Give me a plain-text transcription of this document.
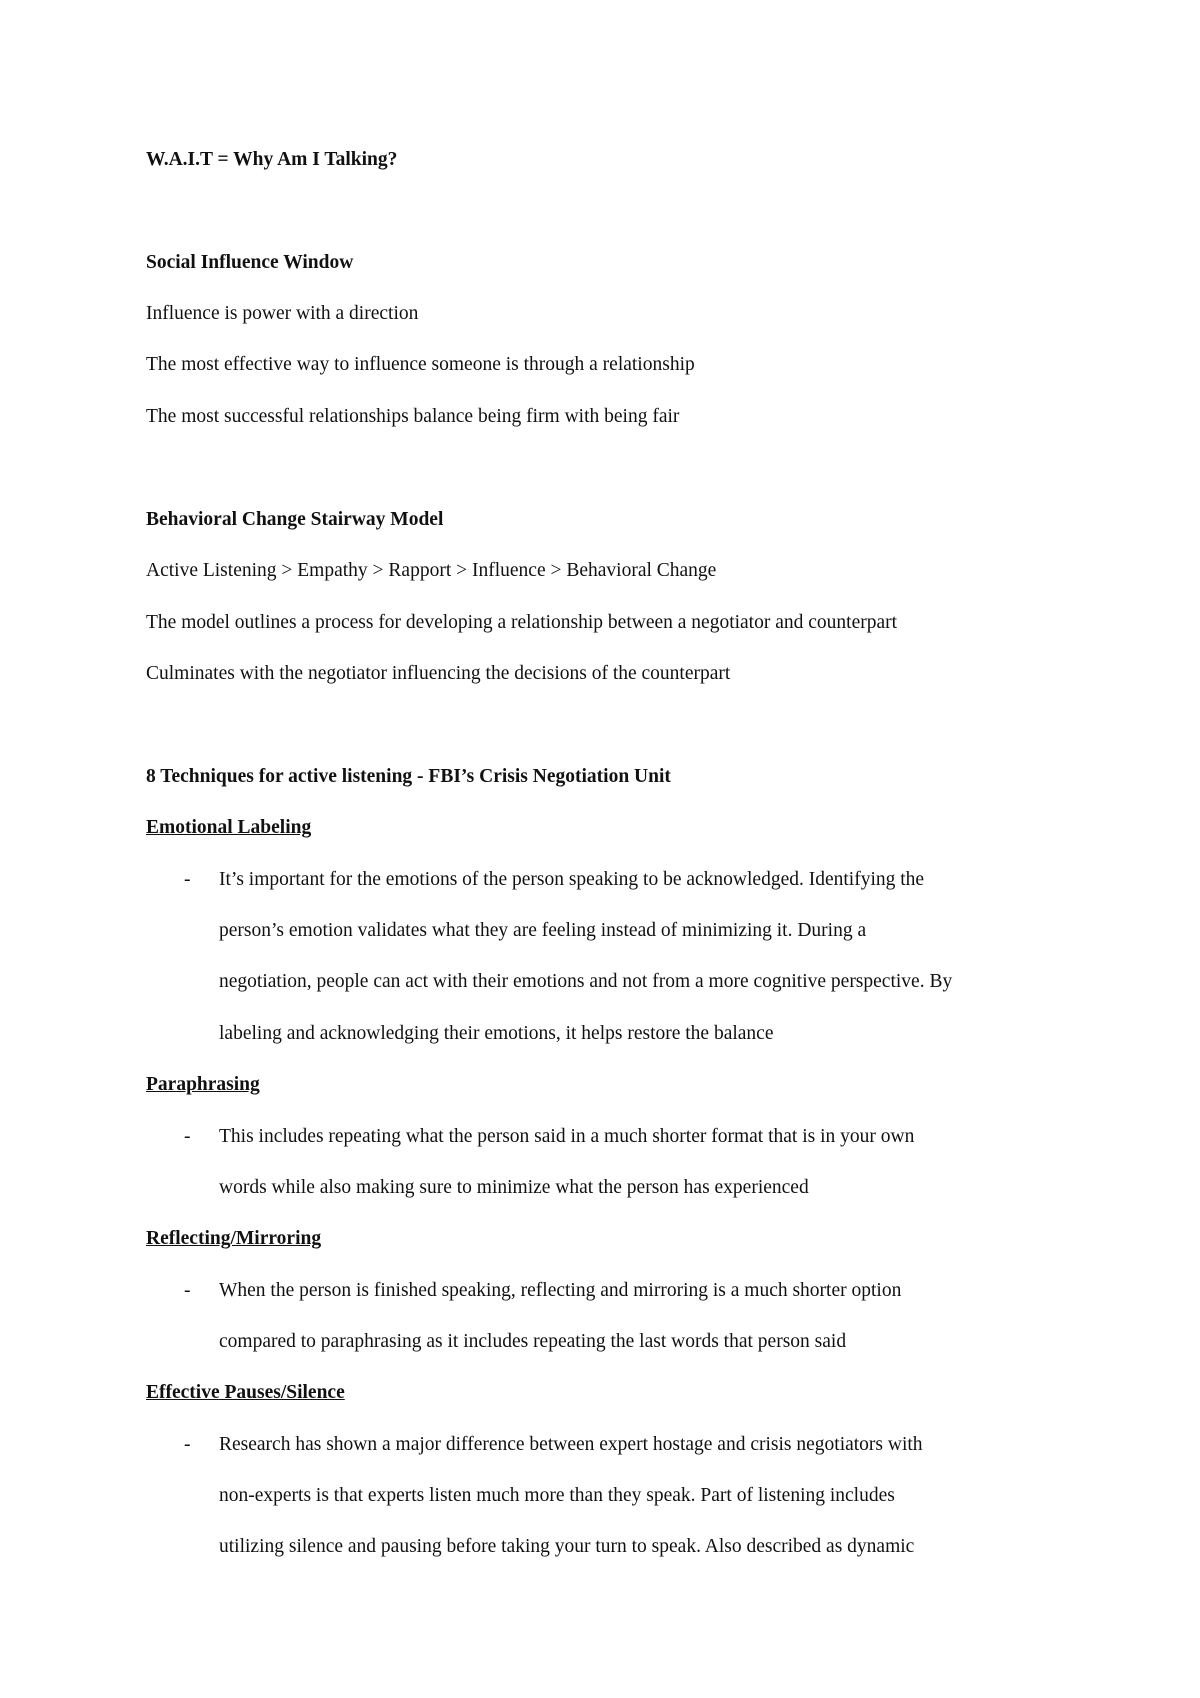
W.A.I.T = Why Am I Talking?
Social Influence Window
Influence is power with a direction
The most effective way to influence someone is through a relationship
The most successful relationships balance being firm with being fair
Behavioral Change Stairway Model
Active Listening > Empathy > Rapport > Influence > Behavioral Change
The model outlines a process for developing a relationship between a negotiator and counterpart
Culminates with the negotiator influencing the decisions of the counterpart
8 Techniques for active listening - FBI’s Crisis Negotiation Unit
Emotional Labeling
- It’s important for the emotions of the person speaking to be acknowledged. Identifying the
person’s emotion validates what they are feeling instead of minimizing it. During a
negotiation, people can act with their emotions and not from a more cognitive perspective. By
labeling and acknowledging their emotions, it helps restore the balance
Paraphrasing
- This includes repeating what the person said in a much shorter format that is in your own
words while also making sure to minimize what the person has experienced
Reflecting/Mirroring
- When the person is finished speaking, reflecting and mirroring is a much shorter option
compared to paraphrasing as it includes repeating the last words that person said
Effective Pauses/Silence
- Research has shown a major difference between expert hostage and crisis negotiators with
non-experts is that experts listen much more than they speak. Part of listening includes
utilizing silence and pausing before taking your turn to speak. Also described as dynamic
